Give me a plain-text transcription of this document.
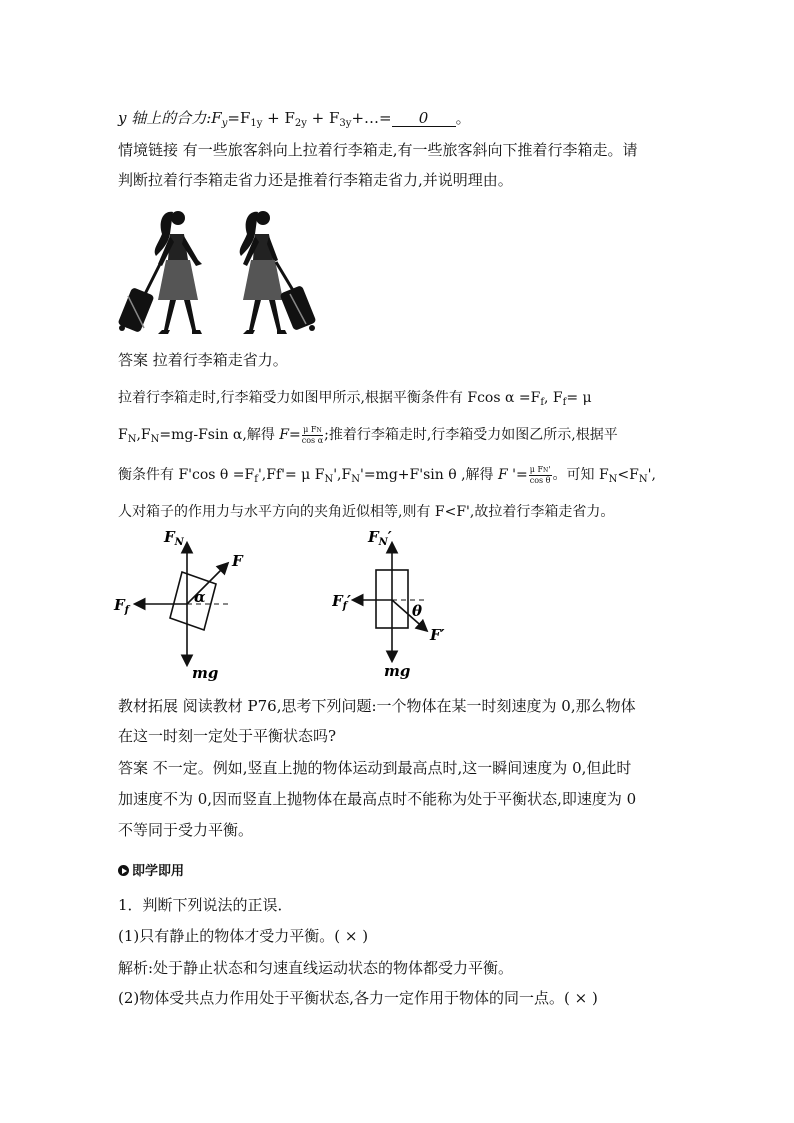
y 轴上的合力$:F_y=F_{1y} + F_{2y}$ + $F_{3y}+\dots= 0$ 。
情境链接 有一些旅客斜向上拉着行李箱走,有一些旅客斜向下推着行李箱走。请
判断拉着行李箱走省力还是推着行李箱走省力,并说明理由。
答案 拉着行李箱走省力。
拉着行李箱走时,行李箱受力如图甲所示,根据平衡条件有 Fcos $\alpha =F_f$, $F_f= \mu$
$F_N,F_N=mg$-Fsin α,解得 $F= \frac{\text{μ FN}}{\text{cos α}}$ ;推着行李箱走时,行李箱受力如图乙所示,根据平
衡条件有 F'cos $\theta =F_f',Ff'= \mu$ $F_N',F_N'=mg+F'\sin$ θ ,解得 F '= $\frac{\text{μ FN'}}{\text{cos θ}}$ 。可知 $F_N<F_N'$,
人对箱子的作用力与水平方向的夹角近似相等,则有 F<F',故拉着行李箱走省力。
$F_N$
F
$F_f$
α
mg
$F_N'$
$F_f'$
θ
F′
mg
教材拓展 阅读教材 P76,思考下列问题:一个物体在某一时刻速度为 0,那么物体
在这一时刻一定处于平衡状态吗?
答案 不一定。例如,竖直上抛的物体运动到最高点时,这一瞬间速度为 0,但此时
加速度不为 0,因而竖直上抛物体在最高点时不能称为处于平衡状态,即速度为 0
不等同于受力平衡。
即学即用
1．判断下列说法的正误．
(1)只有静止的物体才受力平衡。( × )
解析:处于静止状态和匀速直线运动状态的物体都受力平衡。
(2)物体受共点力作用处于平衡状态,各力一定作用于物体的同一点。( × )
